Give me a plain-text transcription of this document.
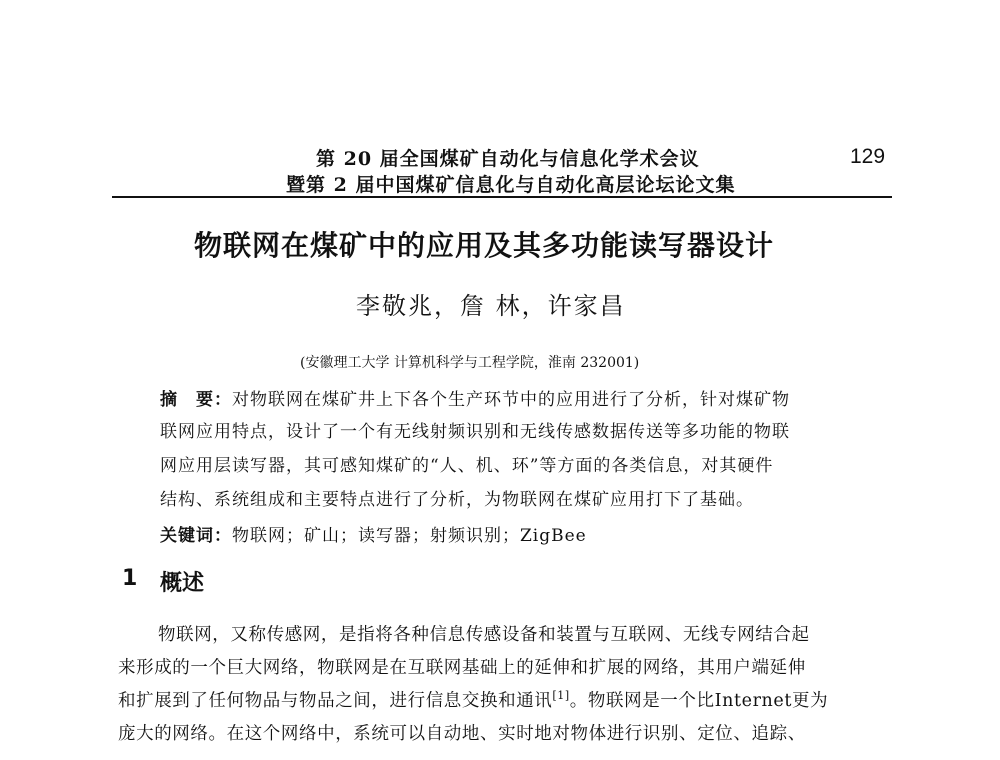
第 20 届全国煤矿自动化与信息化学术会议
暨第 2 届中国煤矿信息化与自动化高层论坛论文集
129
物联网在煤矿中的应用及其多功能读写器设计
李敬兆，詹 林，许家昌
(安徽理工大学 计算机科学与工程学院，淮南 232001)
摘　要：对物联网在煤矿井上下各个生产环节中的应用进行了分析，针对煤矿物
联网应用特点，设计了一个有无线射频识别和无线传感数据传送等多功能的物联
网应用层读写器，其可感知煤矿的“人、机、环”等方面的各类信息，对其硬件
结构、系统组成和主要特点进行了分析，为物联网在煤矿应用打下了基础。
关键词：物联网；矿山；读写器；射频识别；ZigBee
1 概述
物联网，又称传感网，是指将各种信息传感设备和装置与互联网、无线专网结合起
来形成的一个巨大网络，物联网是在互联网基础上的延伸和扩展的网络，其用户端延伸
和扩展到了任何物品与物品之间，进行信息交换和通讯[1]。物联网是一个比Internet更为
庞大的网络。在这个网络中，系统可以自动地、实时地对物体进行识别、定位、追踪、
